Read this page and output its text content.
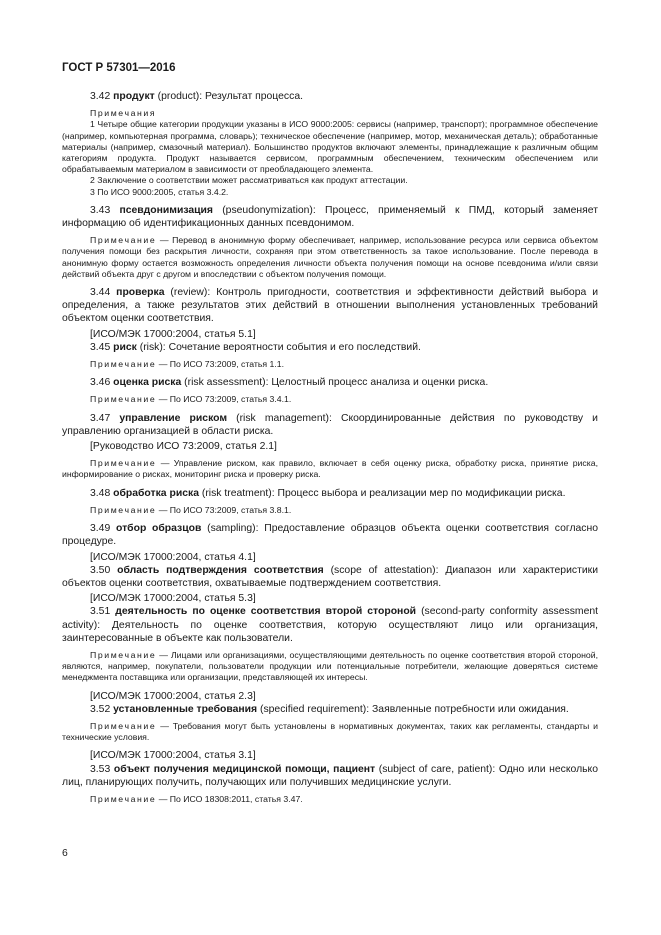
ГОСТ Р 57301—2016

3.42 продукт (product): Результат процесса.

Примечания

1 Четыре общие категории продукции указаны в ИСО 9000:2005: сервисы (например, транспорт); программное обеспечение (например, компьютерная программа, словарь); техническое обеспечение (например, мотор, механическая деталь); обработанные материалы (например, смазочный материал). Большинство продуктов включают элементы, принадлежащие к различным общим категориям продукта. Продукт называется сервисом, программным обеспечением, техническим обеспечением или обрабатываемым материалом в зависимости от преобладающего элемента.

2 Заключение о соответствии может рассматриваться как продукт аттестации.

3 По ИСО 9000:2005, статья 3.4.2.

3.43 псевдонимизация (pseudonymization): Процесс, применяемый к ПМД, который заменяет информацию об идентификационных данных псевдонимом.

Примечание — Перевод в анонимную форму обеспечивает, например, использование ресурса или сервиса объектом получения помощи без раскрытия личности, сохраняя при этом ответственность за такое использование. После перевода в анонимную форму остается возможность определения личности объекта получения помощи на основе псевдонима и/или связи действий объекта друг с другом и впоследствии с объектом получения помощи.

3.44 проверка (review): Контроль пригодности, соответствия и эффективности действий выбора и определения, а также результатов этих действий в отношении выполнения установленных требований объектом оценки соответствия.

[ИСО/МЭК 17000:2004, статья 5.1]

3.45 риск (risk): Сочетание вероятности события и его последствий.

Примечание — По ИСО 73:2009, статья 1.1.

3.46 оценка риска (risk assessment): Целостный процесс анализа и оценки риска.

Примечание — По ИСО 73:2009, статья 3.4.1.

3.47 управление риском (risk management): Скоординированные действия по руководству и управлению организацией в области риска.

[Руководство ИСО 73:2009, статья 2.1]

Примечание — Управление риском, как правило, включает в себя оценку риска, обработку риска, принятие риска, информирование о рисках, мониторинг риска и проверку риска.

3.48 обработка риска (risk treatment): Процесс выбора и реализации мер по модификации риска.

Примечание — По ИСО 73:2009, статья 3.8.1.

3.49 отбор образцов (sampling): Предоставление образцов объекта оценки соответствия согласно процедуре.

[ИСО/МЭК 17000:2004, статья 4.1]

3.50 область подтверждения соответствия (scope of attestation): Диапазон или характеристики объектов оценки соответствия, охватываемые подтверждением соответствия.

[ИСО/МЭК 17000:2004, статья 5.3]

3.51 деятельность по оценке соответствия второй стороной (second-party conformity assessment activity): Деятельность по оценке соответствия, которую осуществляют лицо или организация, заинтересованные в объекте как пользователи.

Примечание — Лицами или организациями, осуществляющими деятельность по оценке соответствия второй стороной, являются, например, покупатели, пользователи продукции или потенциальные потребители, желающие доверяться системе менеджмента поставщика или организации, представляющей их интересы.

[ИСО/МЭК 17000:2004, статья 2.3]

3.52 установленные требования (specified requirement): Заявленные потребности или ожидания.

Примечание — Требования могут быть установлены в нормативных документах, таких как регламенты, стандарты и технические условия.

[ИСО/МЭК 17000:2004, статья 3.1]

3.53 объект получения медицинской помощи, пациент (subject of care, patient): Одно или несколько лиц, планирующих получить, получающих или получивших медицинские услуги.

Примечание — По ИСО 18308:2011, статья 3.47.

6
